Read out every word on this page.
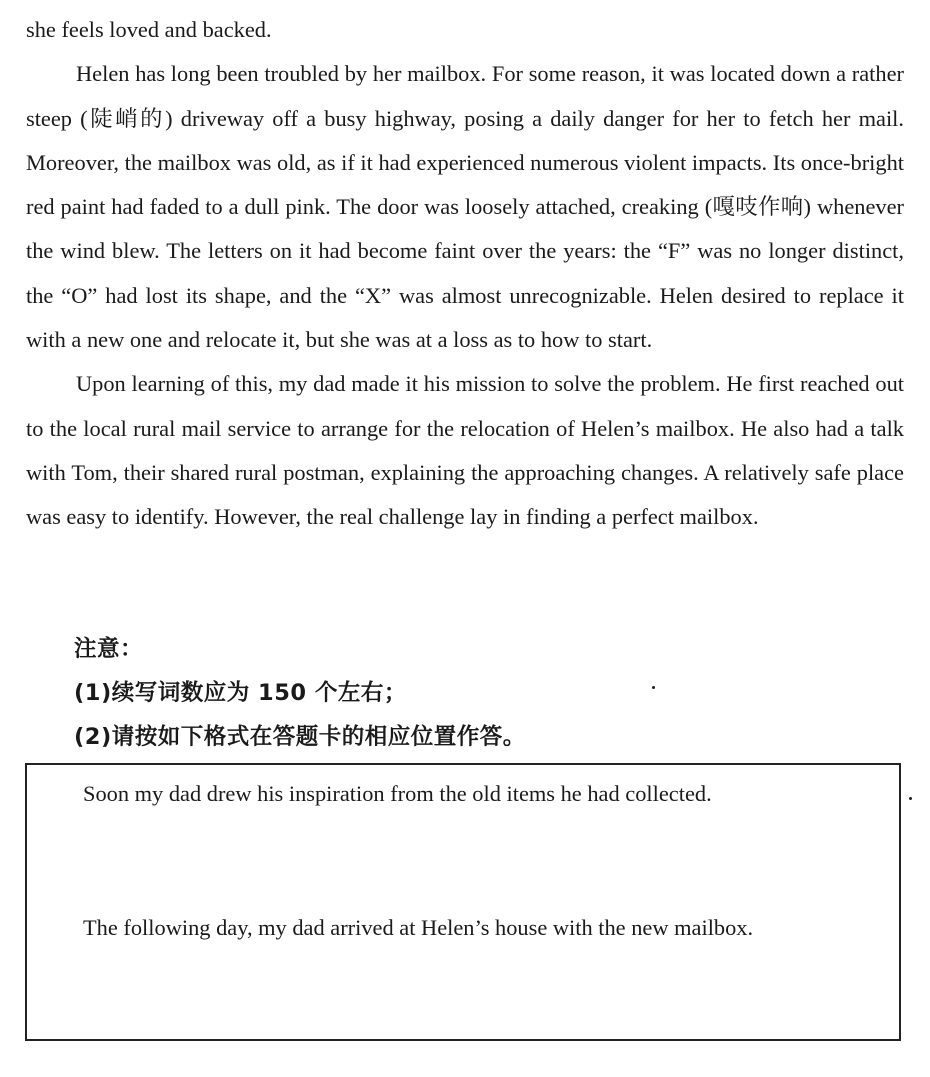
she feels loved and backed.

Helen has long been troubled by her mailbox. For some reason, it was located down a rather steep (陡峭的) driveway off a busy highway, posing a daily danger for her to fetch her mail. Moreover, the mailbox was old, as if it had experienced numerous violent impacts. Its once-bright red paint had faded to a dull pink. The door was loosely attached, creaking (嘎吱作响) whenever the wind blew. The letters on it had become faint over the years: the “F” was no longer distinct, the “O” had lost its shape, and the “X” was almost unrecognizable. Helen desired to replace it with a new one and relocate it, but she was at a loss as to how to start.

Upon learning of this, my dad made it his mission to solve the problem. He first reached out to the local rural mail service to arrange for the relocation of Helen’s mailbox. He also had a talk with Tom, their shared rural postman, explaining the approaching changes. A relatively safe place was easy to identify. However, the real challenge lay in finding a perfect mailbox.

注意：
(1)续写词数应为 150 个左右；
(2)请按如下格式在答题卡的相应位置作答。
Soon my dad drew his inspiration from the old items he had collected.
The following day, my dad arrived at Helen’s house with the new mailbox.
